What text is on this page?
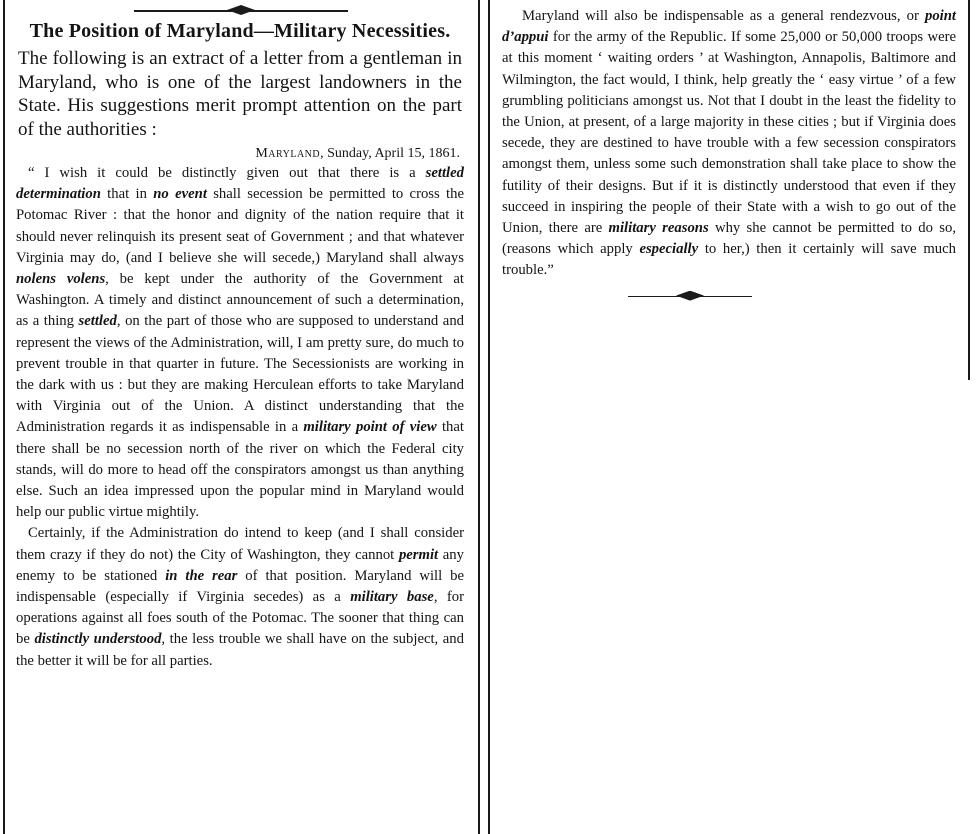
The Position of Maryland—Military Necessities.

The following is an extract of a letter from a gentleman in Maryland, who is one of the largest landowners in the State. His suggestions merit prompt attention on the part of the authorities :

Maryland, Sunday, April 15, 1861.

“ I wish it could be distinctly given out that there is a settled determination that in no event shall secession be permitted to cross the Potomac River : that the honor and dignity of the nation require that it should never relinquish its present seat of Government ; and that whatever Virginia may do, (and I believe she will secede,) Maryland shall always nolens volens, be kept under the authority of the Government at Washington. A timely and distinct announcement of such a determination, as a thing settled, on the part of those who are supposed to understand and represent the views of the Administration, will, I am pretty sure, do much to prevent trouble in that quarter in future. The Secessionists are working in the dark with us : but they are making Herculean efforts to take Maryland with Virginia out of the Union. A distinct understanding that the Administration regards it as indispensable in a military point of view that there shall be no secession north of the river on which the Federal city stands, will do more to head off the conspirators amongst us than anything else. Such an idea impressed upon the popular mind in Maryland would help our public virtue mightily.

Certainly, if the Administration do intend to keep (and I shall consider them crazy if they do not) the City of Washington, they cannot permit any enemy to be stationed in the rear of that position. Maryland will be indispensable (especially if Virginia secedes) as a military base, for operations against all foes south of the Potomac. The sooner that thing can be distinctly understood, the less trouble we shall have on the subject, and the better it will be for all parties.

Maryland will also be indispensable as a general rendezvous, or point d’appui for the army of the Republic. If some 25,000 or 50,000 troops were at this moment ‘ waiting orders ’ at Washington, Annapolis, Baltimore and Wilmington, the fact would, I think, help greatly the ‘ easy virtue ’ of a few grumbling politicians amongst us. Not that I doubt in the least the fidelity to the Union, at present, of a large majority in these cities ; but if Virginia does secede, they are destined to have trouble with a few secession conspirators amongst them, unless some such demonstration shall take place to show the futility of their designs. But if it is distinctly understood that even if they succeed in inspiring the people of their State with a wish to go out of the Union, there are military reasons why she cannot be permitted to do so, (reasons which apply especially to her,) then it certainly will save much trouble.”
